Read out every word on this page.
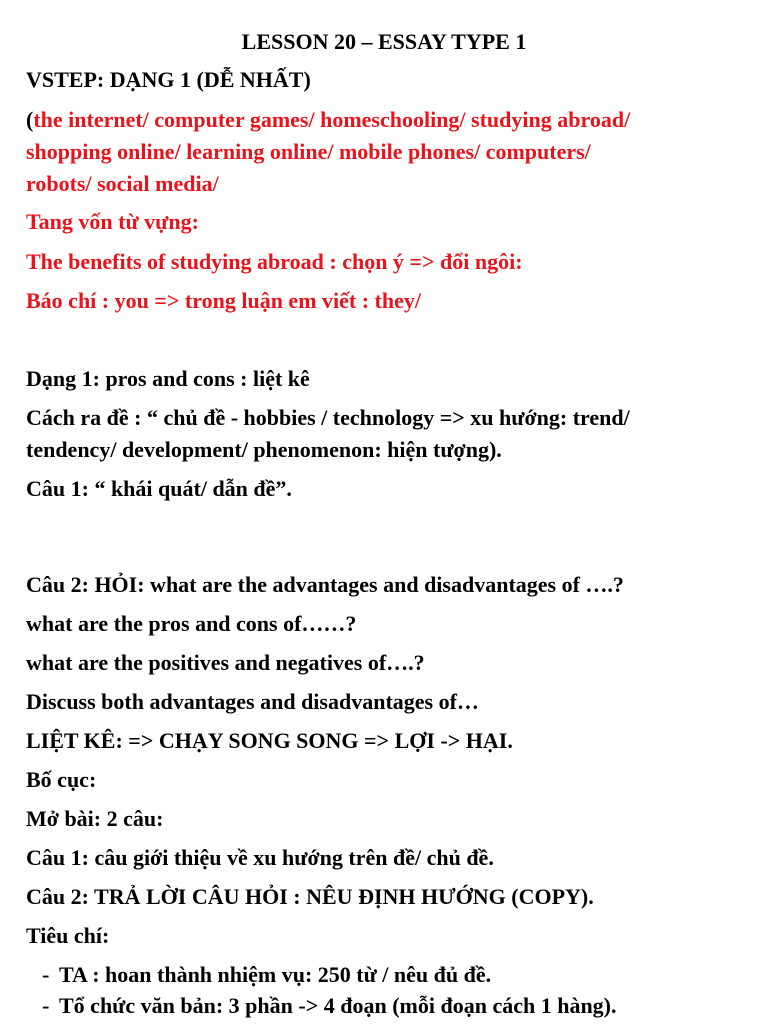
LESSON 20 – ESSAY TYPE 1
VSTEP: DẠNG 1 (DỄ NHẤT)
(the internet/ computer games/ homeschooling/ studying abroad/
shopping online/ learning online/ mobile phones/ computers/
robots/ social media/
Tang vốn từ vựng:
The benefits of studying abroad : chọn ý => đổi ngôi:
Báo chí : you => trong luận em viết : they/
Dạng 1: pros and cons : liệt kê
Cách ra đề : “ chủ đề - hobbies / technology => xu hướng: trend/
tendency/ development/ phenomenon: hiện tượng).
Câu 1: “ khái quát/ dẫn đề”.
Câu 2: HỎI: what are the advantages and disadvantages of ….?
what are the pros and cons of……?
what are the positives and negatives of….?
Discuss both advantages and disadvantages of…
LIỆT KÊ: => CHẠY SONG SONG => LỢI -> HẠI.
Bố cục:
Mở bài: 2 câu:
Câu 1: câu giới thiệu về xu hướng trên đề/ chủ đề.
Câu 2: TRẢ LỜI CÂU HỎI : NÊU ĐỊNH HƯỚNG (COPY).
Tiêu chí:
- TA : hoan thành nhiệm vụ: 250 từ / nêu đủ đề.
- Tổ chức văn bản: 3 phần -> 4 đoạn (mỗi đoạn cách 1 hàng).
